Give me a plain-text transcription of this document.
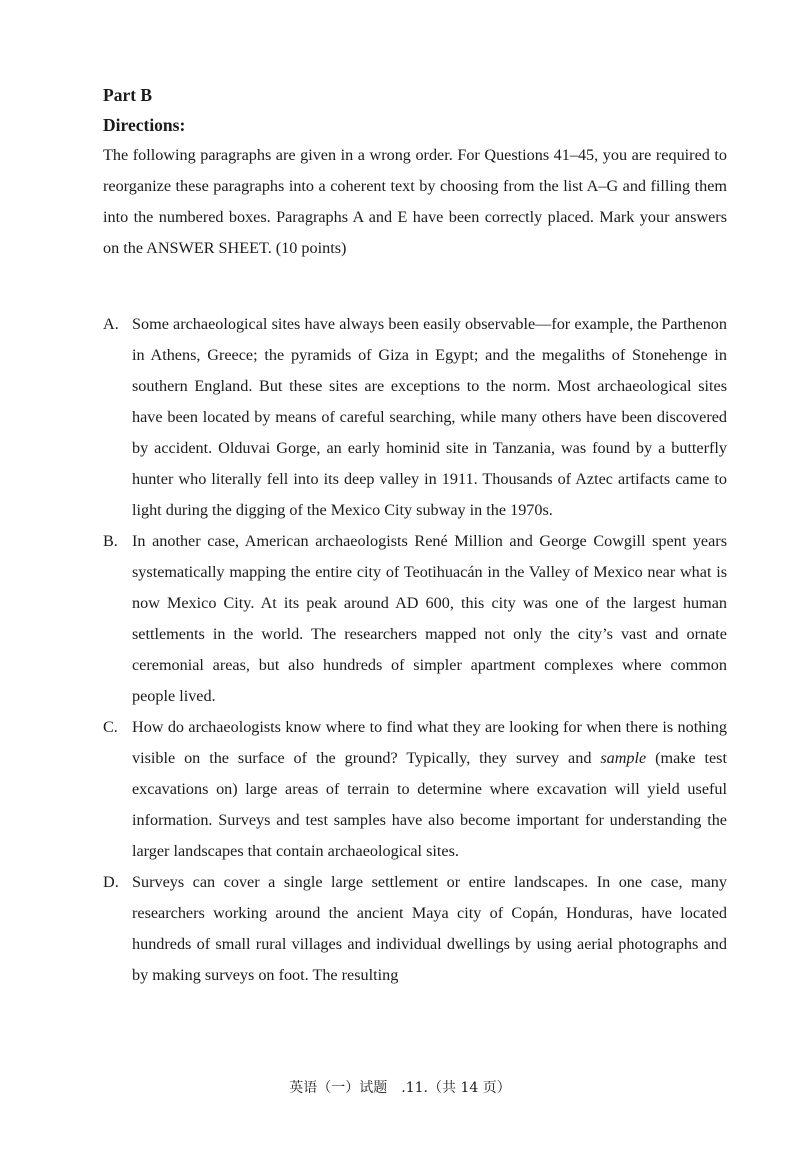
Part B
Directions:

The following paragraphs are given in a wrong order. For Questions 41–45, you are required to reorganize these paragraphs into a coherent text by choosing from the list A–G and filling them into the numbered boxes. Paragraphs A and E have been correctly placed. Mark your answers on the ANSWER SHEET. (10 points)

A. Some archaeological sites have always been easily observable—for example, the Parthenon in Athens, Greece; the pyramids of Giza in Egypt; and the megaliths of Stonehenge in southern England. But these sites are exceptions to the norm. Most archaeological sites have been located by means of careful searching, while many others have been discovered by accident. Olduvai Gorge, an early hominid site in Tanzania, was found by a butterfly hunter who literally fell into its deep valley in 1911. Thousands of Aztec artifacts came to light during the digging of the Mexico City subway in the 1970s.

B. In another case, American archaeologists René Million and George Cowgill spent years systematically mapping the entire city of Teotihuacán in the Valley of Mexico near what is now Mexico City. At its peak around AD 600, this city was one of the largest human settlements in the world. The researchers mapped not only the city’s vast and ornate ceremonial areas, but also hundreds of simpler apartment complexes where common people lived.

C. How do archaeologists know where to find what they are looking for when there is nothing visible on the surface of the ground? Typically, they survey and sample (make test excavations on) large areas of terrain to determine where excavation will yield useful information. Surveys and test samples have also become important for understanding the larger landscapes that contain archaeological sites.

D. Surveys can cover a single large settlement or entire landscapes. In one case, many researchers working around the ancient Maya city of Copán, Honduras, have located hundreds of small rural villages and individual dwellings by using aerial photographs and by making surveys on foot. The resulting

英语（一）试题　.11.（共 14 页）
